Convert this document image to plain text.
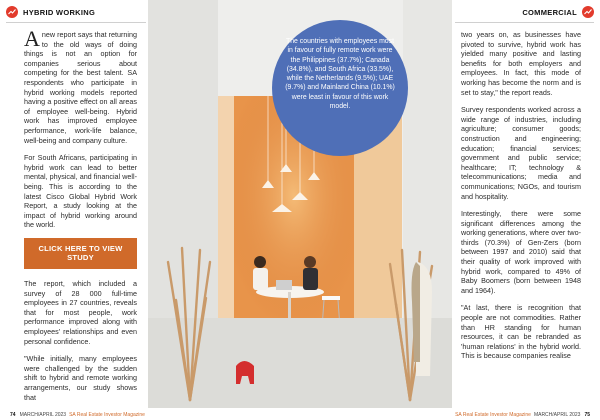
HYBRID WORKING	COMMERCIAL

A new report says that returning to the old ways of doing things is not an option for companies serious about competing for the best talent. SA respondents who participate in hybrid working models reported having a positive effect on all areas of employee well-being. Hybrid work has improved employee performance, work-life balance, well-being and company culture.

For South Africans, participating in hybrid work can lead to better mental, physical, and financial well-being. This is according to the latest Cisco Global Hybrid Work Report, a study looking at the impact of hybrid working around the world.

CLICK HERE TO VIEW STUDY

The report, which included a survey of 28 000 full-time employees in 27 countries, reveals that for most people, work performance improved along with employees' relationships and even personal confidence.

"While initially, many employees were challenged by the sudden shift to hybrid and remote working arrangements, our study shows that

The countries with employees most in favour of fully remote work were the Philippines (37.7%); Canada (34.8%), and South Africa (33.5%), while the Netherlands (9.5%); UAE (9.7%) and Mainland China (10.1%) were least in favour of this work model.

two years on, as businesses have pivoted to survive, hybrid work has yielded many positive and lasting benefits for both employers and employees. In fact, this mode of working has become the norm and is set to stay," the report reads.

Survey respondents worked across a wide range of industries, including agriculture; consumer goods; construction and engineering; education; financial services; government and public service; healthcare; IT; technology & telecommunications; media and communications; NGOs, and tourism and hospitality.

Interestingly, there were some significant differences among the working generations, where over two-thirds (70.3%) of Gen-Zers (born between 1997 and 2010) said that their quality of work improved with hybrid work, compared to 49% of Baby Boomers (born between 1948 and 1964).

"At last, there is recognition that people are not commodities. Rather than HR standing for human resources, it can be rebranded as 'human relations' in the hybrid world. This is because companies realise

74 MARCH/APRIL 2023 SA Real Estate Investor Magazine	SA Real Estate Investor Magazine MARCH/APRIL 2023 75
